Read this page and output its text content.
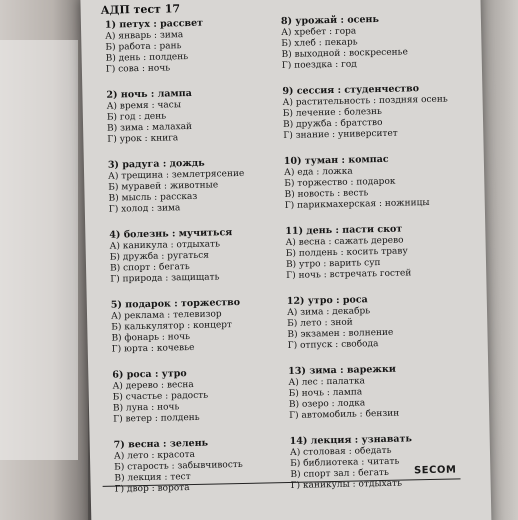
АДП тест 17
1) петух : рассвет
А) январь : зима
Б) работа : рань
В) день : полдень
Г) сова : ночь
2) ночь : лампа
А) время : часы
Б) год : день
В) зима : малахай
Г) урок : книга
3) радуга : дождь
А) трещина : землетрясение
Б) муравей : животные
В) мысль : рассказ
Г) холод : зима
4) болезнь : мучиться
А) каникула : отдыхать
Б) дружба : ругаться
В) спорт : бегать
Г) природа : защищать
5) подарок : торжество
А) реклама : телевизор
Б) калькулятор : концерт
В) фонарь : ночь
Г) юрта : кочевье
6) роса : утро
А) дерево : весна
Б) счастье : радость
В) луна : ночь
Г) ветер : полдень
7) весна : зелень
А) лето : красота
Б) старость : забывчивость
В) лекция : тест
Г) двор : ворота
8) урожай : осень
А) хребет : гора
Б) хлеб : пекарь
В) выходной : воскресенье
Г) поездка : год
9) сессия : студенчество
А) растительность : поздняя осень
Б) лечение : болезнь
В) дружба : братство
Г) знание : университет
10) туман : компас
А) еда : ложка
Б) торжество : подарок
В) новость : весть
Г) парикмахерская : ножницы
11) день : пасти скот
А) весна : сажать дерево
Б) полдень : косить траву
В) утро : варить суп
Г) ночь : встречать гостей
12) утро : роса
А) зима : декабрь
Б) лето : зной
В) экзамен : волнение
Г) отпуск : свобода
13) зима : варежки
А) лес : палатка
Б) ночь : лампа
В) озеро : лодка
Г) автомобиль : бензин
14) лекция : узнавать
А) столовая : обедать
Б) библиотека : читать
В) спорт зал : бегать
Г) каникулы : отдыхать
SECOM
